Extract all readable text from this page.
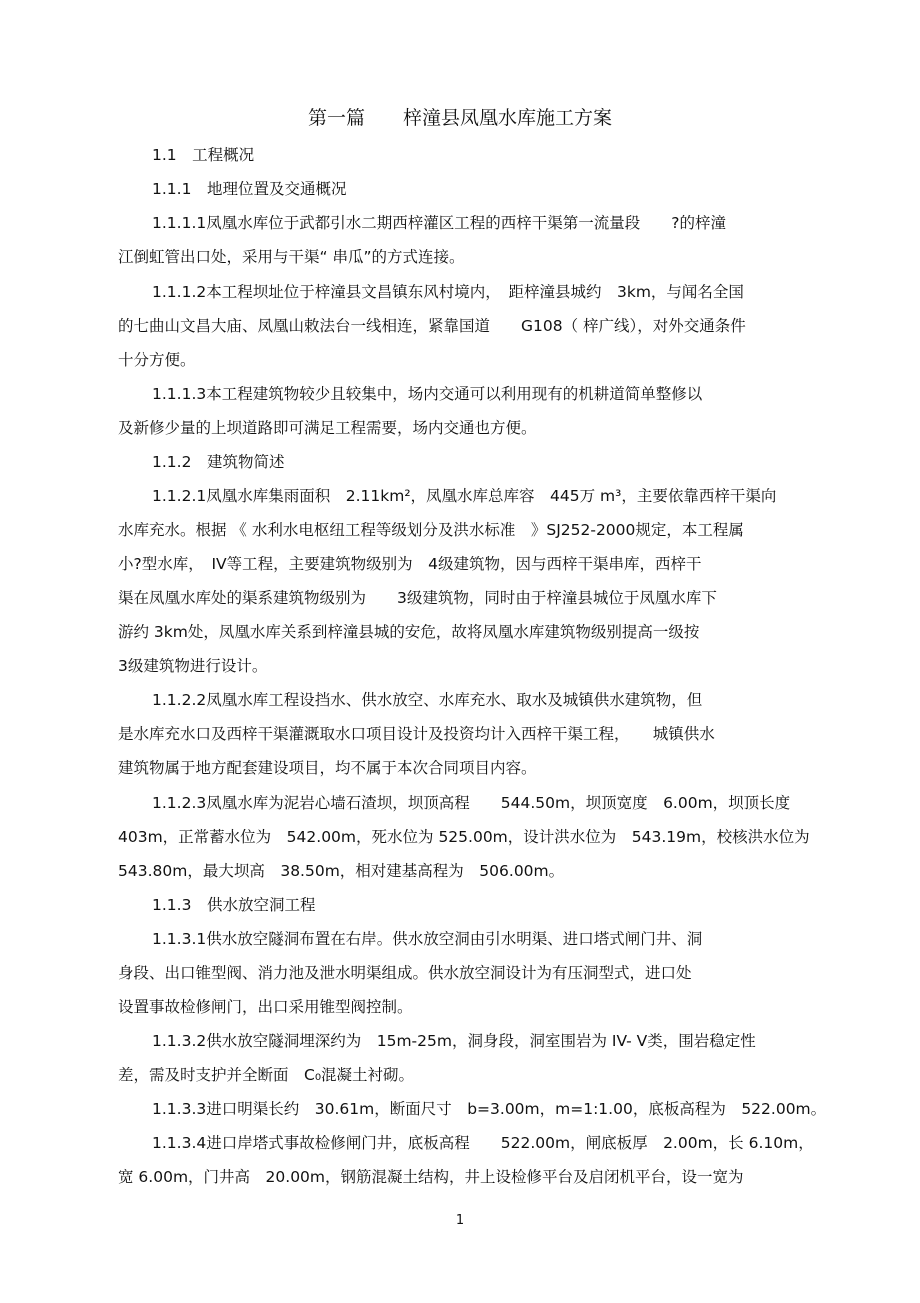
第一篇　　梓潼县凤凰水库施工方案
1.1　工程概况
1.1.1　地理位置及交通概况
1.1.1.1凤凰水库位于武都引水二期西梓灌区工程的西梓干渠第一流量段　　?的梓潼
江倒虹管出口处，采用与干渠“ 串瓜”的方式连接。
1.1.1.2本工程坝址位于梓潼县文昌镇东风村境内，　距梓潼县城约　3km，与闻名全国
的七曲山文昌大庙、凤凰山敕法台一线相连，紧靠国道　　G108（ 梓广线），对外交通条件
十分方便。
1.1.1.3本工程建筑物较少且较集中，场内交通可以利用现有的机耕道简单整修以
及新修少量的上坝道路即可满足工程需要，场内交通也方便。
1.1.2　建筑物简述
1.1.2.1凤凰水库集雨面积　2.11km²，凤凰水库总库容　445万 m³，主要依靠西梓干渠向
水库充水。根据 《 水利水电枢纽工程等级划分及洪水标准　》SJ252-2000规定，本工程属
小?型水库，　IV等工程，主要建筑物级别为　4级建筑物，因与西梓干渠串库，西梓干
渠在凤凰水库处的渠系建筑物级别为　　3级建筑物，同时由于梓潼县城位于凤凰水库下
游约 3km处，凤凰水库关系到梓潼县城的安危，故将凤凰水库建筑物级别提高一级按
3级建筑物进行设计。
1.1.2.2凤凰水库工程设挡水、供水放空、水库充水、取水及城镇供水建筑物，但
是水库充水口及西梓干渠灌溉取水口项目设计及投资均计入西梓干渠工程，　　城镇供水
建筑物属于地方配套建设项目，均不属于本次合同项目内容。
1.1.2.3凤凰水库为泥岩心墙石渣坝，坝顶高程　　544.50m，坝顶宽度　6.00m，坝顶长度
403m，正常蓄水位为　542.00m，死水位为 525.00m，设计洪水位为　543.19m，校核洪水位为
543.80m，最大坝高　38.50m，相对建基高程为　506.00m。
1.1.3　供水放空洞工程
1.1.3.1供水放空隧洞布置在右岸。供水放空洞由引水明渠、进口塔式闸门井、洞
身段、出口锥型阀、消力池及泄水明渠组成。供水放空洞设计为有压洞型式，进口处
设置事故检修闸门，出口采用锥型阀控制。
1.1.3.2供水放空隧洞埋深约为　15m-25m，洞身段，洞室围岩为 IV- V类，围岩稳定性
差，需及时支护并全断面　C₀混凝土衬砌。
1.1.3.3进口明渠长约　30.61m，断面尺寸　b=3.00m，m=1:1.00，底板高程为　522.00m。
1.1.3.4进口岸塔式事故检修闸门井，底板高程　　522.00m，闸底板厚　2.00m，长 6.10m，
宽 6.00m，门井高　20.00m，钢筋混凝土结构，井上设检修平台及启闭机平台，设一宽为
1
